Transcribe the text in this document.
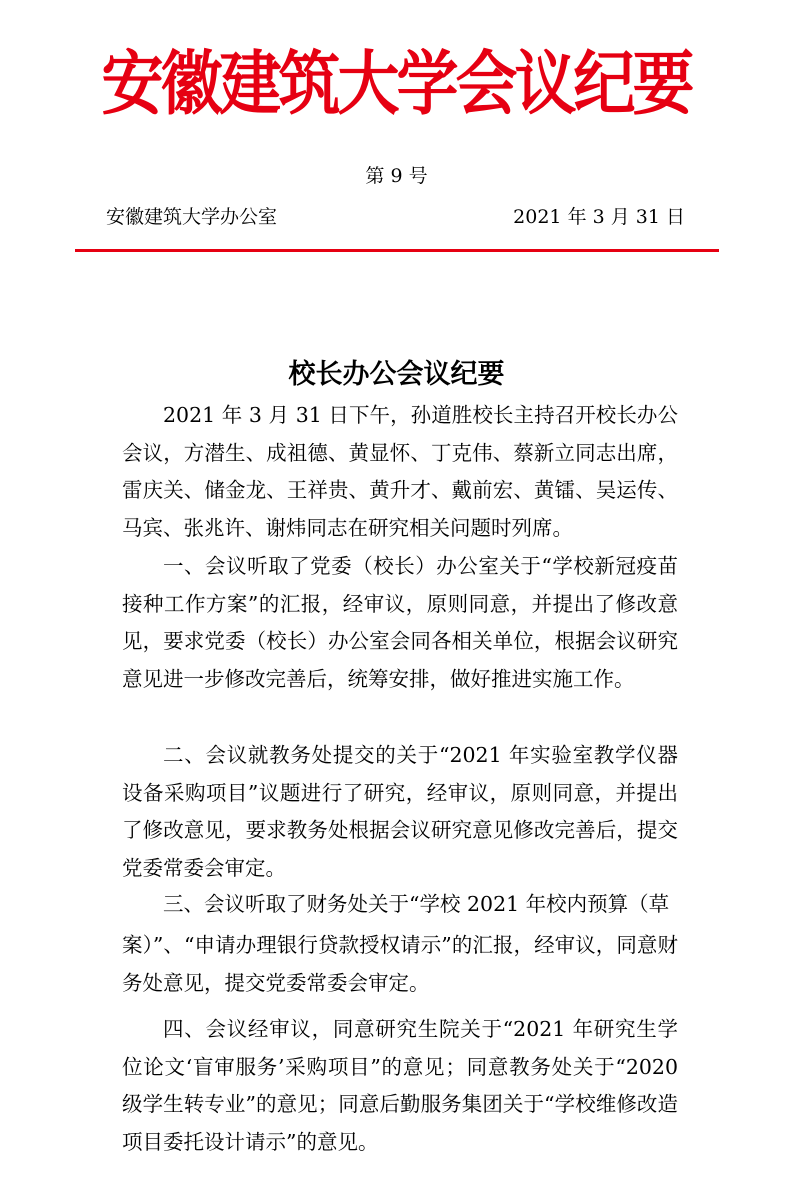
安徽建筑大学会议纪要
第 9 号
安徽建筑大学办公室	2021 年 3 月 31 日
校长办公会议纪要

2021 年 3 月 31 日下午，孙道胜校长主持召开校长办公会议，方潜生、成祖德、黄显怀、丁克伟、蔡新立同志出席，雷庆关、储金龙、王祥贵、黄升才、戴前宏、黄镭、吴运传、马宾、张兆许、谢炜同志在研究相关问题时列席。

一、会议听取了党委（校长）办公室关于“学校新冠疫苗接种工作方案”的汇报，经审议，原则同意，并提出了修改意见，要求党委（校长）办公室会同各相关单位，根据会议研究意见进一步修改完善后，统筹安排，做好推进实施工作。

二、会议就教务处提交的关于“2021 年实验室教学仪器设备采购项目”议题进行了研究，经审议，原则同意，并提出了修改意见，要求教务处根据会议研究意见修改完善后，提交党委常委会审定。

三、会议听取了财务处关于“学校 2021 年校内预算（草
案）”、“申请办理银行贷款授权请示”的汇报，经审议，同意财务处意见，提交党委常委会审定。

四、会议经审议，同意研究生院关于“2021 年研究生学位论文‘盲审服务’采购项目”的意见；同意教务处关于“2020 级学生转专业”的意见；同意后勤服务集团关于“学校维修改造项目委托设计请示”的意见。
